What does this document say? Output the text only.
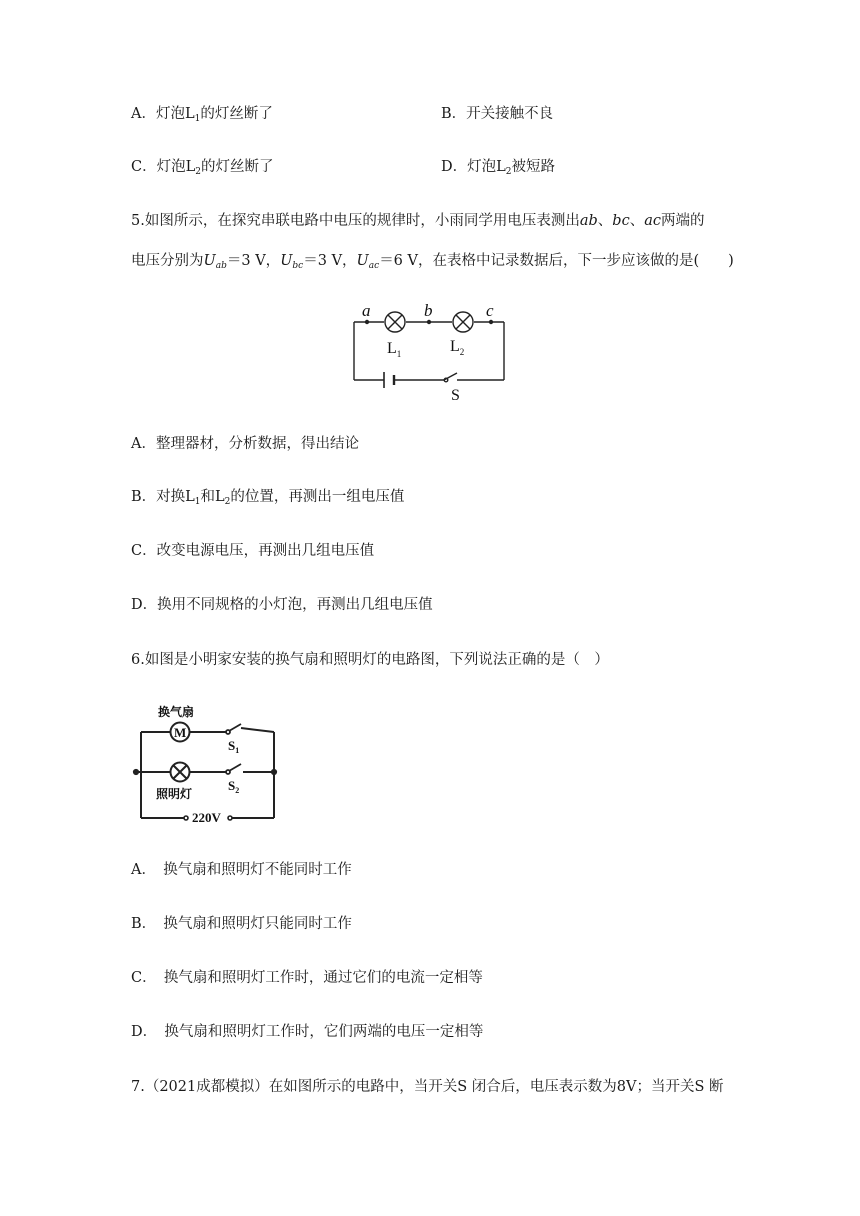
A．灯泡$L_1$的灯丝断了	B．开关接触不良
C．灯泡$L_2$的灯丝断了	D．灯泡$L_2$被短路
5.如图所示，在探究串联电路中电压的规律时，小雨同学用电压表测出ab、bc、ac两端的
电压分别为$U_{ab}=3$ V，$U_{bc}=3$ V，$U_{ac}=6$ V，在表格中记录数据后，下一步应该做的是(　　)
a	b	c
$L_1$	$L_2$
S
A．整理器材，分析数据，得出结论
B．对换$L_1$和$L_2$的位置，再测出一组电压值
C．改变电源电压，再测出几组电压值
D．换用不同规格的小灯泡，再测出几组电压值
6.如图是小明家安装的换气扇和照明灯的电路图，下列说法正确的是（　）
M
换气扇
$S_1$
$S_2$
照明灯
220V
A．　换气扇和照明灯不能同时工作
B．　换气扇和照明灯只能同时工作
C．　换气扇和照明灯工作时，通过它们的电流一定相等
D．　换气扇和照明灯工作时，它们两端的电压一定相等
7.（2021成都模拟）在如图所示的电路中，当开关S 闭合后，电压表示数为8V；当开关S 断
